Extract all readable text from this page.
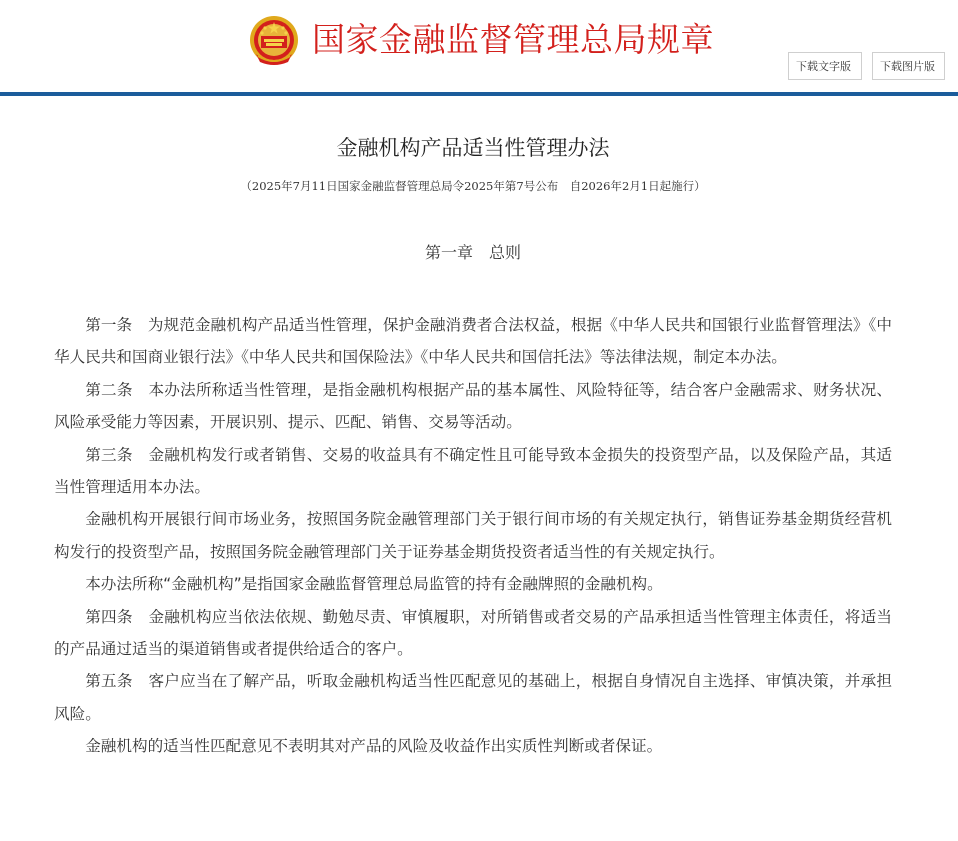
国家金融监督管理总局规章
下载文字版	下载图片版
金融机构产品适当性管理办法
（2025年7月11日国家金融监督管理总局令2025年第7号公布　自2026年2月1日起施行）
第一章　总则

第一条　为规范金融机构产品适当性管理，保护金融消费者合法权益，根据《中华人民共和国银行业监督管理法》《中华人民共和国商业银行法》《中华人民共和国保险法》《中华人民共和国信托法》等法律法规，制定本办法。

第二条　本办法所称适当性管理，是指金融机构根据产品的基本属性、风险特征等，结合客户金融需求、财务状况、风险承受能力等因素，开展识别、提示、匹配、销售、交易等活动。

第三条　金融机构发行或者销售、交易的收益具有不确定性且可能导致本金损失的投资型产品，以及保险产品，其适当性管理适用本办法。

金融机构开展银行间市场业务，按照国务院金融管理部门关于银行间市场的有关规定执行，销售证券基金期货经营机构发行的投资型产品，按照国务院金融管理部门关于证券基金期货投资者适当性的有关规定执行。

本办法所称“金融机构”是指国家金融监督管理总局监管的持有金融牌照的金融机构。

第四条　金融机构应当依法依规、勤勉尽责、审慎履职，对所销售或者交易的产品承担适当性管理主体责任，将适当的产品通过适当的渠道销售或者提供给适合的客户。

第五条　客户应当在了解产品，听取金融机构适当性匹配意见的基础上，根据自身情况自主选择、审慎决策，并承担风险。

金融机构的适当性匹配意见不表明其对产品的风险及收益作出实质性判断或者保证。
